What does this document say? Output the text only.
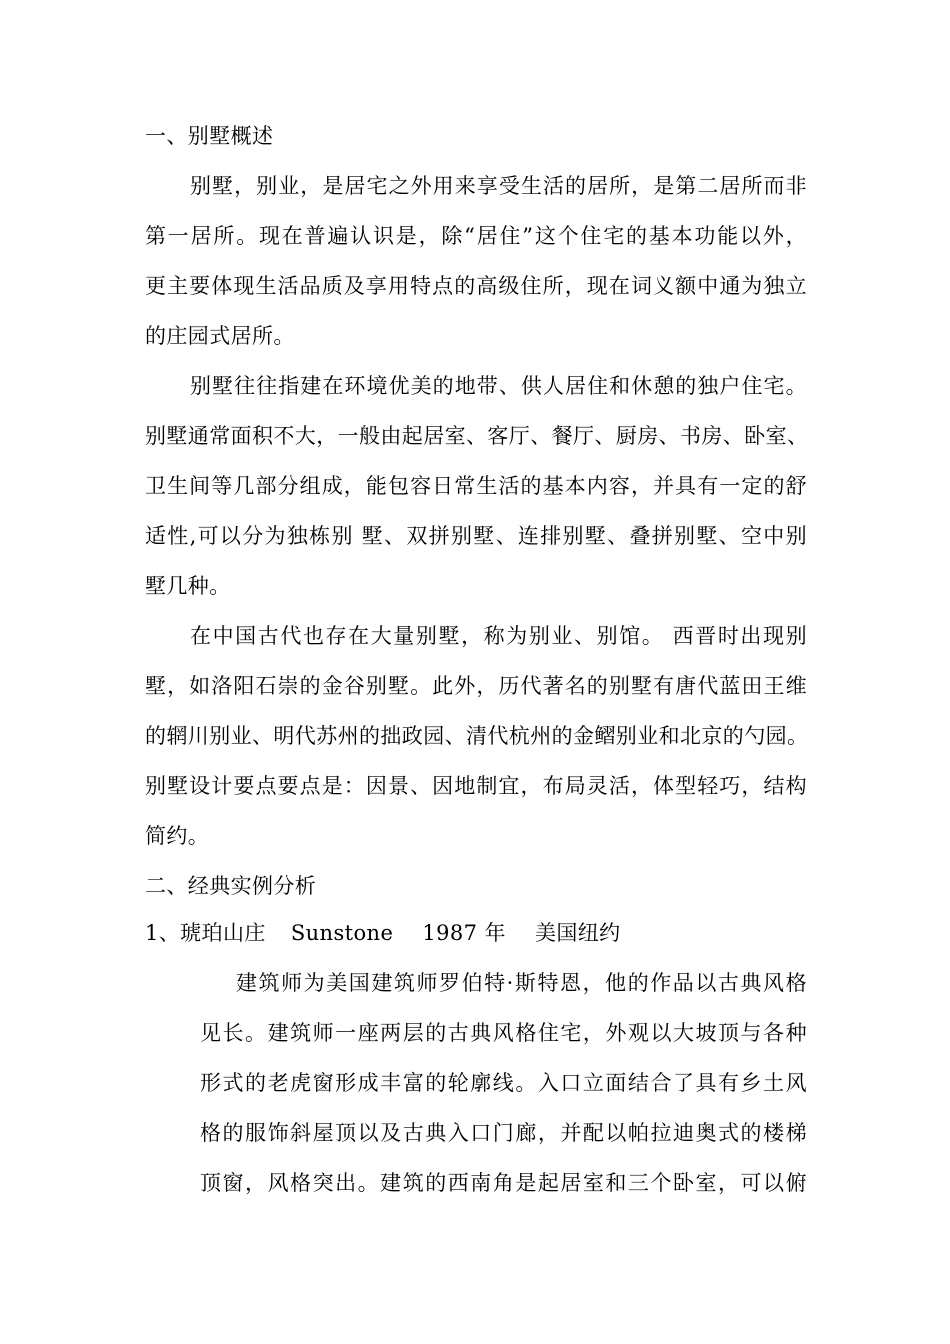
一、别墅概述
别墅，别业，是居宅之外用来享受生活的居所，是第二居所而非
第一居所。现在普遍认识是，除“居住”这个住宅的基本功能以外，
更主要体现生活品质及享用特点的高级住所，现在词义额中通为独立
的庄园式居所。
别墅往往指建在环境优美的地带、供人居住和休憩的独户住宅。
别墅通常面积不大，一般由起居室、客厅、餐厅、厨房、书房、卧室、
卫生间等几部分组成，能包容日常生活的基本内容，并具有一定的舒
适性,可以分为独栋别 墅、双拼别墅、连排别墅、叠拼别墅、空中别
墅几种。
在中国古代也存在大量别墅，称为别业、别馆。 西晋时出现别
墅，如洛阳石崇的金谷别墅。此外，历代著名的别墅有唐代蓝田王维
的辋川别业、明代苏州的拙政园、清代杭州的金鳛别业和北京的勺园。
别墅设计要点要点是：因景、因地制宜，布局灵活，体型轻巧，结构
简约。
二、经典实例分析
1、琥珀山庄 Sunstone 1987 年 美国纽约
建筑师为美国建筑师罗伯特·斯特恩，他的作品以古典风格
见长。建筑师一座两层的古典风格住宅，外观以大坡顶与各种
形式的老虎窗形成丰富的轮廓线。入口立面结合了具有乡土风
格的服饰斜屋顶以及古典入口门廊，并配以帕拉迪奥式的楼梯
顶窗，风格突出。建筑的西南角是起居室和三个卧室，可以俯
